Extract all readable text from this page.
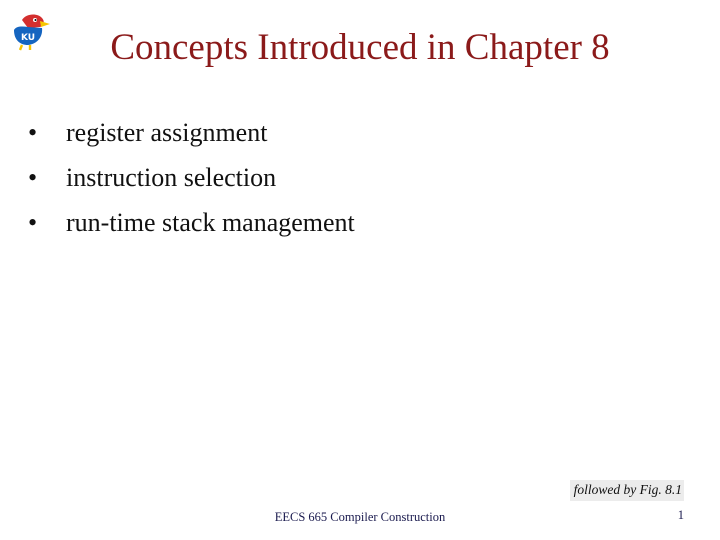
KU	Concepts Introduced in Chapter 8
•	register assignment
•	instruction selection
•	run-time stack management
followed by Fig. 8.1
EECS 665 Compiler Construction	1
